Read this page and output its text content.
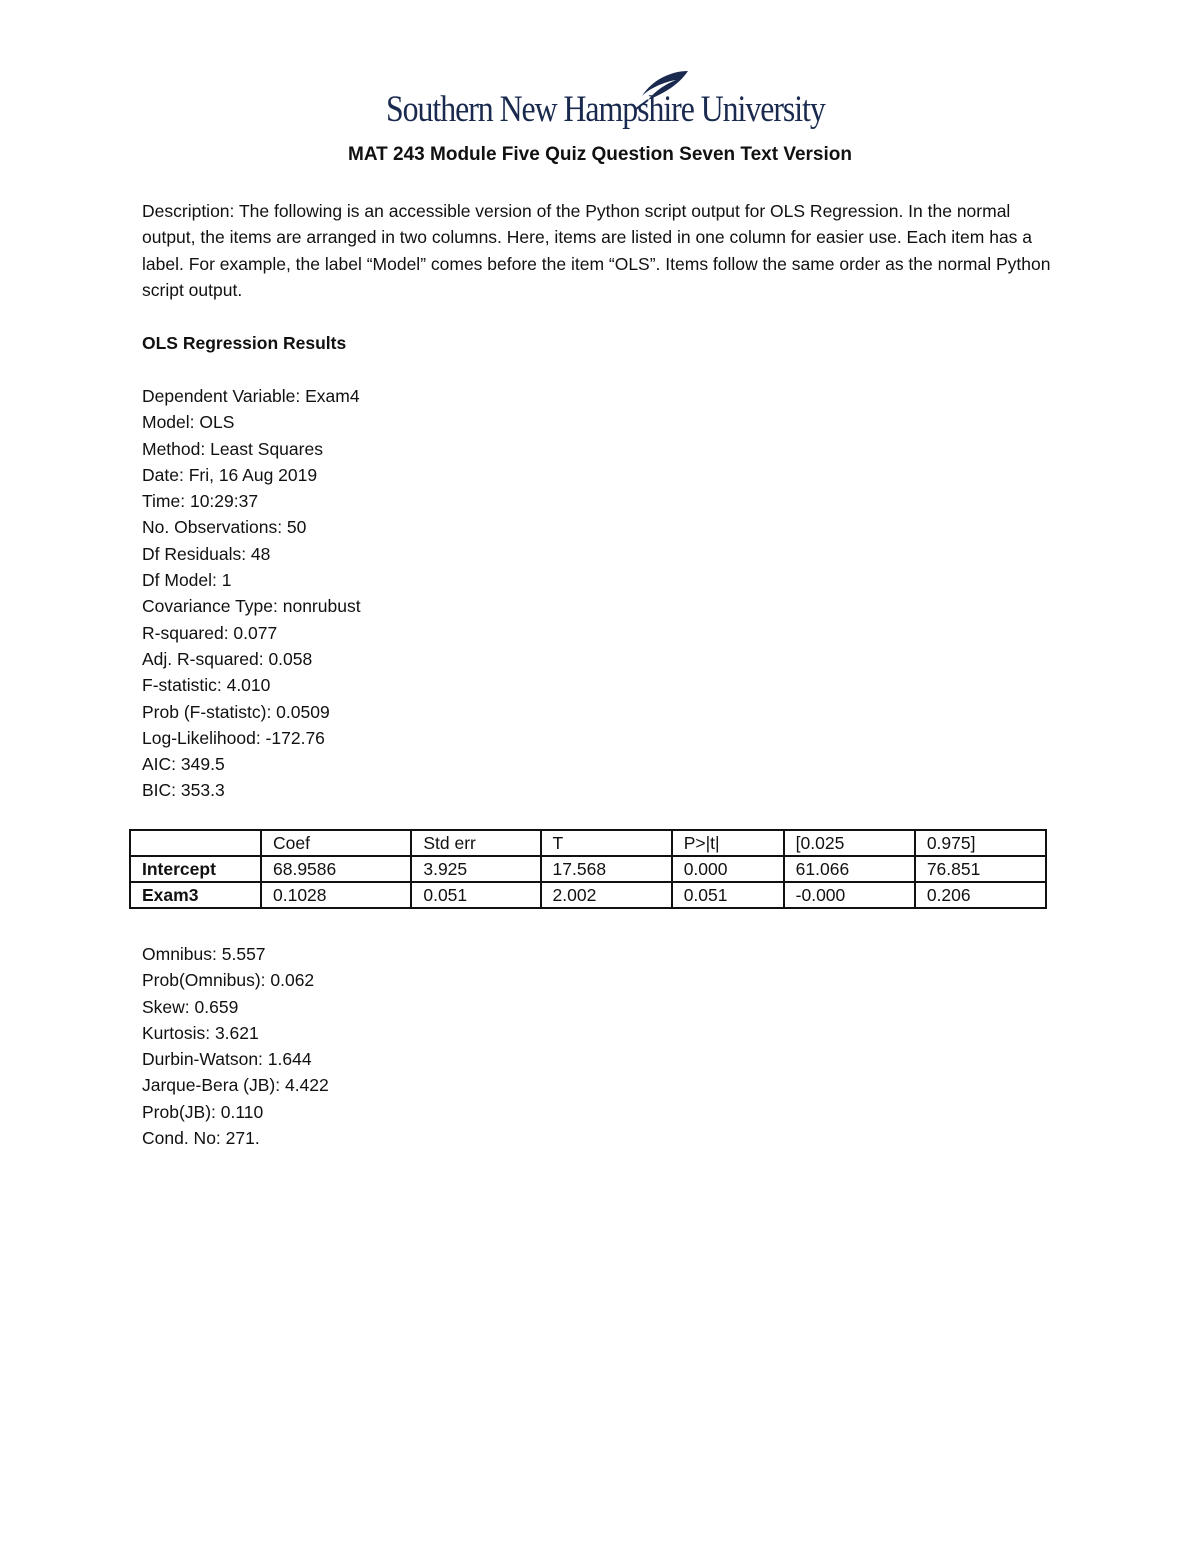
Southern New Hampshire University
MAT 243 Module Five Quiz Question Seven Text Version
Description: The following is an accessible version of the Python script output for OLS Regression. In the normal output, the items are arranged in two columns. Here, items are listed in one column for easier use. Each item has a label. For example, the label “Model” comes before the item “OLS”. Items follow the same order as the normal Python script output.
OLS Regression Results
Dependent Variable: Exam4
Model: OLS
Method: Least Squares
Date: Fri, 16 Aug 2019
Time: 10:29:37
No. Observations: 50
Df Residuals: 48
Df Model: 1
Covariance Type: nonrubust
R-squared: 0.077
Adj. R-squared: 0.058
F-statistic: 4.010
Prob (F-statistc): 0.0509
Log-Likelihood: -172.76
AIC: 349.5
BIC: 353.3
	Coef	Std err	T	P>|t|	[0.025	0.975]
Intercept	68.9586	3.925	17.568	0.000	61.066	76.851
Exam3	0.1028	0.051	2.002	0.051	-0.000	0.206
Omnibus: 5.557
Prob(Omnibus): 0.062
Skew: 0.659
Kurtosis: 3.621
Durbin-Watson: 1.644
Jarque-Bera (JB): 4.422
Prob(JB): 0.110
Cond. No: 271.
